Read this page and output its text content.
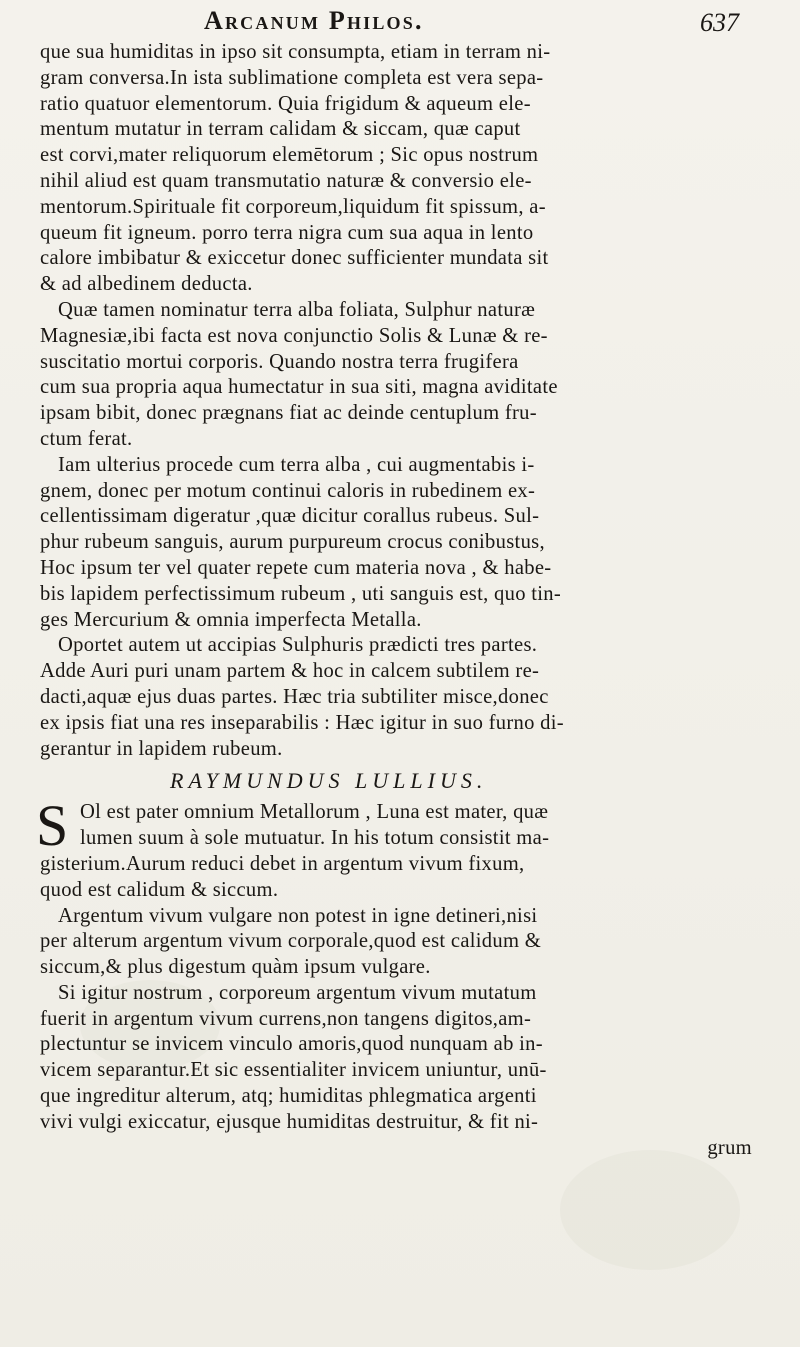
Arcanum Philos.	637
que sua humiditas in ipso sit consumpta, etiam in terram ni-
gram conversa.In ista sublimatione completa est vera sepa-
ratio quatuor elementorum. Quia frigidum & aqueum ele-
mentum mutatur in terram calidam & siccam, quæ caput
est corvi,mater reliquorum elemētorum ; Sic opus nostrum
nihil aliud est quam transmutatio naturæ & conversio ele-
mentorum.Spirituale fit corporeum,liquidum fit spissum, a-
queum fit igneum. porro terra nigra cum sua aqua in lento
calore imbibatur & exiccetur donec sufficienter mundata sit
& ad albedinem deducta.
Quæ tamen nominatur terra alba foliata, Sulphur naturæ
Magnesiæ,ibi facta est nova conjunctio Solis & Lunæ & re-
suscitatio mortui corporis. Quando nostra terra frugifera
cum sua propria aqua humectatur in sua siti, magna aviditate
ipsam bibit, donec prægnans fiat ac deinde centuplum fru-
ctum ferat.
Iam ulterius procede cum terra alba , cui augmentabis i-
gnem, donec per motum continui caloris in rubedinem ex-
cellentissimam digeratur ,quæ dicitur corallus rubeus. Sul-
phur rubeum sanguis, aurum purpureum crocus conibustus,
Hoc ipsum ter vel quater repete cum materia nova , & habe-
bis lapidem perfectissimum rubeum , uti sanguis est, quo tin-
ges Mercurium & omnia imperfecta Metalla.
Oportet autem ut accipias Sulphuris prædicti tres partes.
Adde Auri puri unam partem & hoc in calcem subtilem re-
dacti,aquæ ejus duas partes. Hæc tria subtiliter misce,donec
ex ipsis fiat una res inseparabilis : Hæc igitur in suo furno di-
gerantur in lapidem rubeum.
RAYMUNDUS LULLIUS.
S Ol est pater omnium Metallorum , Luna est mater, quæ
lumen suum à sole mutuatur. In his totum consistit ma-
gisterium.Aurum reduci debet in argentum vivum fixum,
quod est calidum & siccum.
Argentum vivum vulgare non potest in igne detineri,nisi
per alterum argentum vivum corporale,quod est calidum &
siccum,& plus digestum quàm ipsum vulgare.
Si igitur nostrum , corporeum argentum vivum mutatum
fuerit in argentum vivum currens,non tangens digitos,am-
plectuntur se invicem vinculo amoris,quod nunquam ab in-
vicem separantur.Et sic essentialiter invicem uniuntur, unū-
que ingreditur alterum, atq; humiditas phlegmatica argenti
vivi vulgi exiccatur, ejusque humiditas destruitur, & fit ni-
grum
